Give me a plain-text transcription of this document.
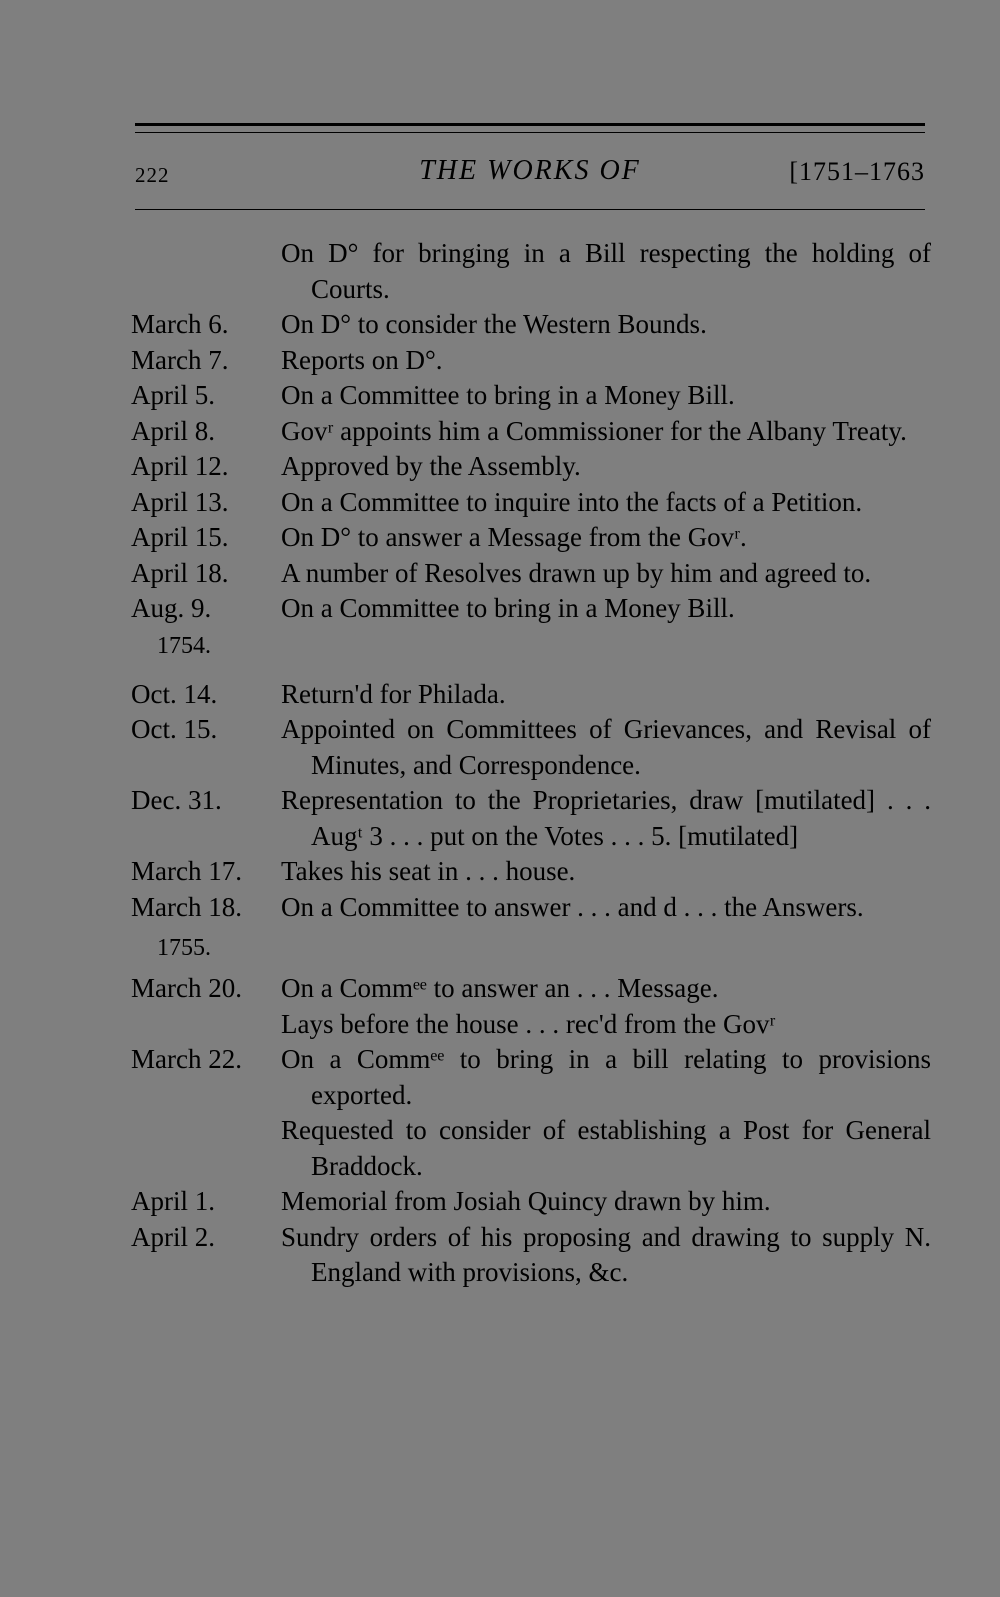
222	THE WORKS OF	[1751–1763
On D° for bringing in a Bill respecting the holding of Courts.
March 6. On D° to consider the Western Bounds.
March 7. Reports on D°.
April 5. On a Committee to bring in a Money Bill.
April 8. Govʳ appoints him a Commissioner for the Albany Treaty.
April 12. Approved by the Assembly.
April 13. On a Committee to inquire into the facts of a Petition.
April 15. On D° to answer a Message from the Govʳ.
April 18. A number of Resolves drawn up by him and agreed to.
Aug. 9.	On a Committee to bring in a Money Bill.
1754.
Oct. 14. Return'd for Philada.
Oct. 15. Appointed on Committees of Grievances, and Revisal of Minutes, and Correspondence.
Dec. 31. Representation to the Proprietaries, draw [mutilated] . . . Augᵗ 3 . . . put on the Votes . . . 5. [mutilated]
March 17. Takes his seat in . . . house.
March 18. On a Committee to answer . . . and d . . . the Answers.
1755.
March 20. On a Commᵉᵉ to answer an . . . Message.
Lays before the house . . . rec'd from the Govʳ
March 22. On a Commᵉᵉ to bring in a bill relating to provisions exported.
Requested to consider of establishing a Post for General Braddock.
April 1. Memorial from Josiah Quincy drawn by him.
April 2. Sundry orders of his proposing and drawing to supply N. England with provisions, &c.
